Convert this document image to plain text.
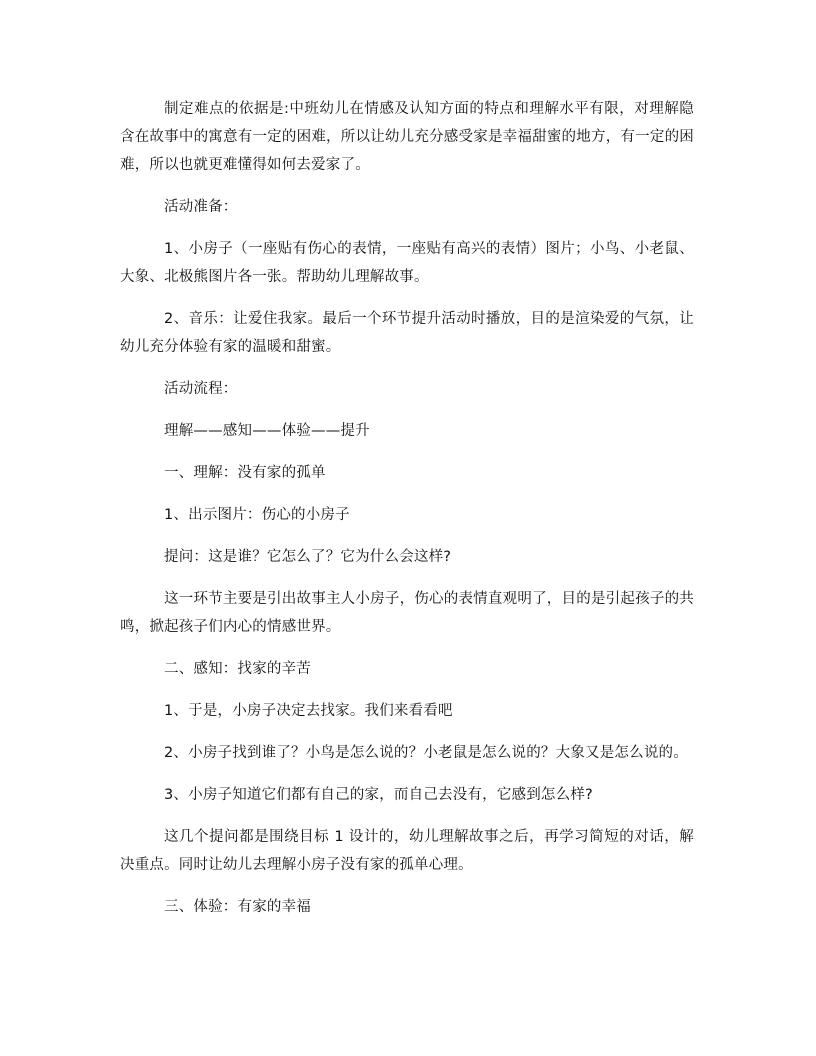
制定难点的依据是:中班幼儿在情感及认知方面的特点和理解水平有限，对理解隐含在故事中的寓意有一定的困难，所以让幼儿充分感受家是幸福甜蜜的地方，有一定的困难，所以也就更难懂得如何去爱家了。

活动准备：

1、小房子（一座贴有伤心的表情，一座贴有高兴的表情）图片；小鸟、小老鼠、大象、北极熊图片各一张。帮助幼儿理解故事。

2、音乐：让爱住我家。最后一个环节提升活动时播放，目的是渲染爱的气氛，让幼儿充分体验有家的温暖和甜蜜。

活动流程：

理解——感知——体验——提升

一、理解：没有家的孤单

1、出示图片：伤心的小房子

提问：这是谁？它怎么了？它为什么会这样?

这一环节主要是引出故事主人小房子，伤心的表情直观明了，目的是引起孩子的共鸣，掀起孩子们内心的情感世界。

二、感知：找家的辛苦

1、于是，小房子决定去找家。我们来看看吧

2、小房子找到谁了？小鸟是怎么说的？小老鼠是怎么说的？大象又是怎么说的。

3、小房子知道它们都有自己的家，而自己去没有，它感到怎么样?

这几个提问都是围绕目标 1 设计的，幼儿理解故事之后，再学习简短的对话，解决重点。同时让幼儿去理解小房子没有家的孤单心理。

三、体验：有家的幸福
